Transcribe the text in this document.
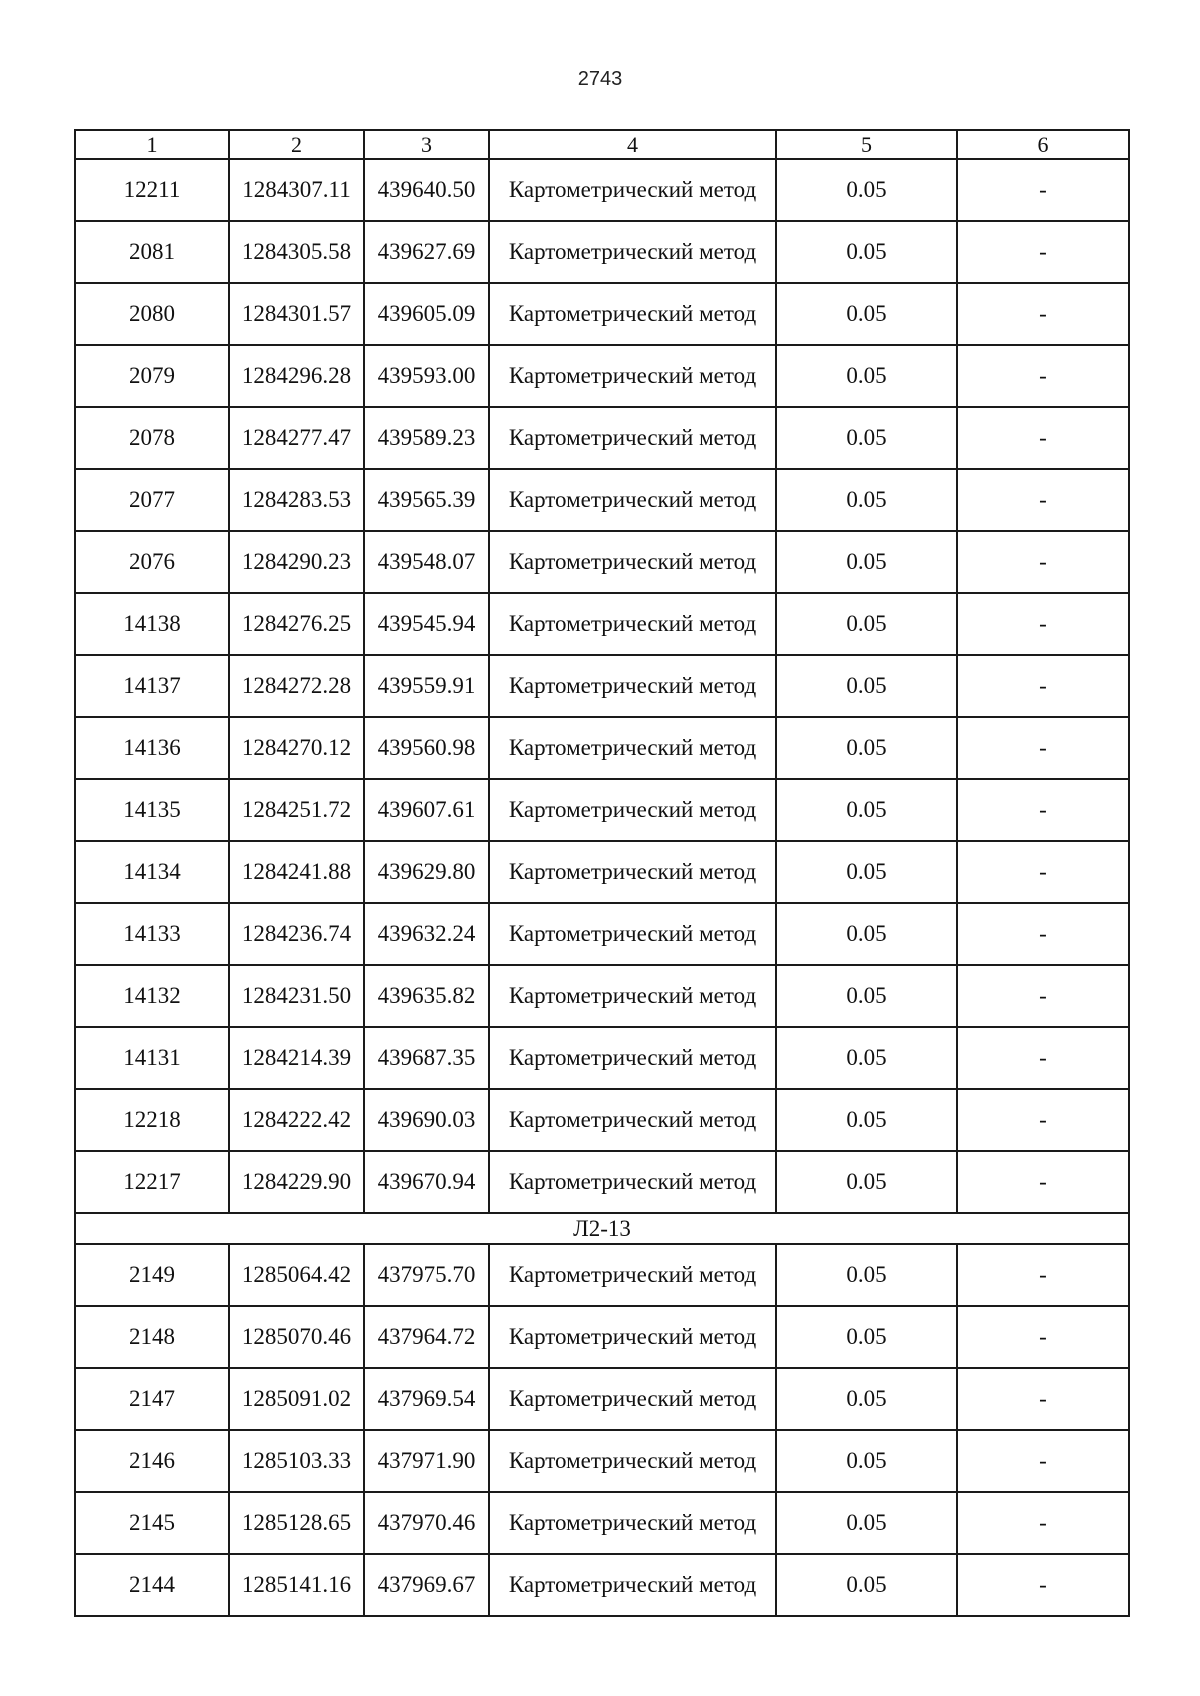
2743
1	2	3	4	5	6
12211	1284307.11	439640.50	Картометрический метод	0.05	-
2081	1284305.58	439627.69	Картометрический метод	0.05	-
2080	1284301.57	439605.09	Картометрический метод	0.05	-
2079	1284296.28	439593.00	Картометрический метод	0.05	-
2078	1284277.47	439589.23	Картометрический метод	0.05	-
2077	1284283.53	439565.39	Картометрический метод	0.05	-
2076	1284290.23	439548.07	Картометрический метод	0.05	-
14138	1284276.25	439545.94	Картометрический метод	0.05	-
14137	1284272.28	439559.91	Картометрический метод	0.05	-
14136	1284270.12	439560.98	Картометрический метод	0.05	-
14135	1284251.72	439607.61	Картометрический метод	0.05	-
14134	1284241.88	439629.80	Картометрический метод	0.05	-
14133	1284236.74	439632.24	Картометрический метод	0.05	-
14132	1284231.50	439635.82	Картометрический метод	0.05	-
14131	1284214.39	439687.35	Картометрический метод	0.05	-
12218	1284222.42	439690.03	Картометрический метод	0.05	-
12217	1284229.90	439670.94	Картометрический метод	0.05	-
Л2-13					
2149	1285064.42	437975.70	Картометрический метод	0.05	-
2148	1285070.46	437964.72	Картометрический метод	0.05	-
2147	1285091.02	437969.54	Картометрический метод	0.05	-
2146	1285103.33	437971.90	Картометрический метод	0.05	-
2145	1285128.65	437970.46	Картометрический метод	0.05	-
2144	1285141.16	437969.67	Картометрический метод	0.05	-
